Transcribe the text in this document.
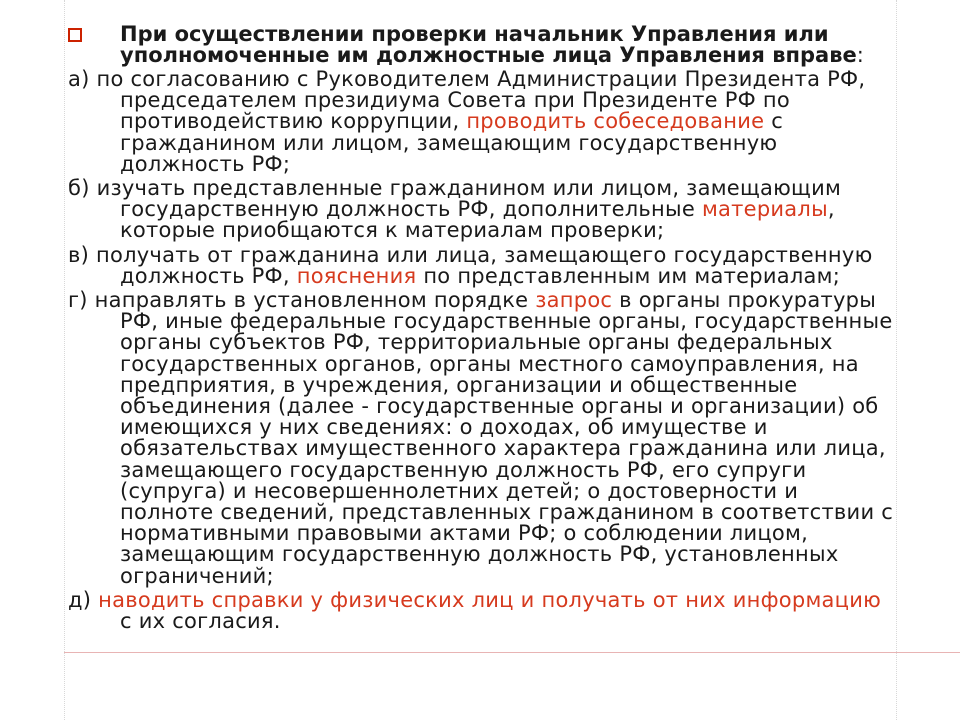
При осуществлении проверки начальник Управления или уполномоченные им должностные лица Управления вправе:
а) по согласованию с Руководителем Администрации Президента РФ, председателем президиума Совета при Президенте РФ по противодействию коррупции, проводить собеседование с гражданином или лицом, замещающим государственную должность РФ;
б) изучать представленные гражданином или лицом, замещающим государственную должность РФ, дополнительные материалы, которые приобщаются к материалам проверки;
в) получать от гражданина или лица, замещающего государственную должность РФ, пояснения по представленным им материалам;
г) направлять в установленном порядке запрос в органы прокуратуры РФ, иные федеральные государственные органы, государственные органы субъектов РФ, территориальные органы федеральных государственных органов, органы местного самоуправления, на предприятия, в учреждения, организации и общественные объединения (далее - государственные органы и организации) об имеющихся у них сведениях: о доходах, об имуществе и обязательствах имущественного характера гражданина или лица, замещающего государственную должность РФ, его супруги (супруга) и несовершеннолетних детей; о достоверности и полноте сведений, представленных гражданином в соответствии с нормативными правовыми актами РФ; о соблюдении лицом, замещающим государственную должность РФ, установленных ограничений;
д) наводить справки у физических лиц и получать от них информацию с их согласия.
